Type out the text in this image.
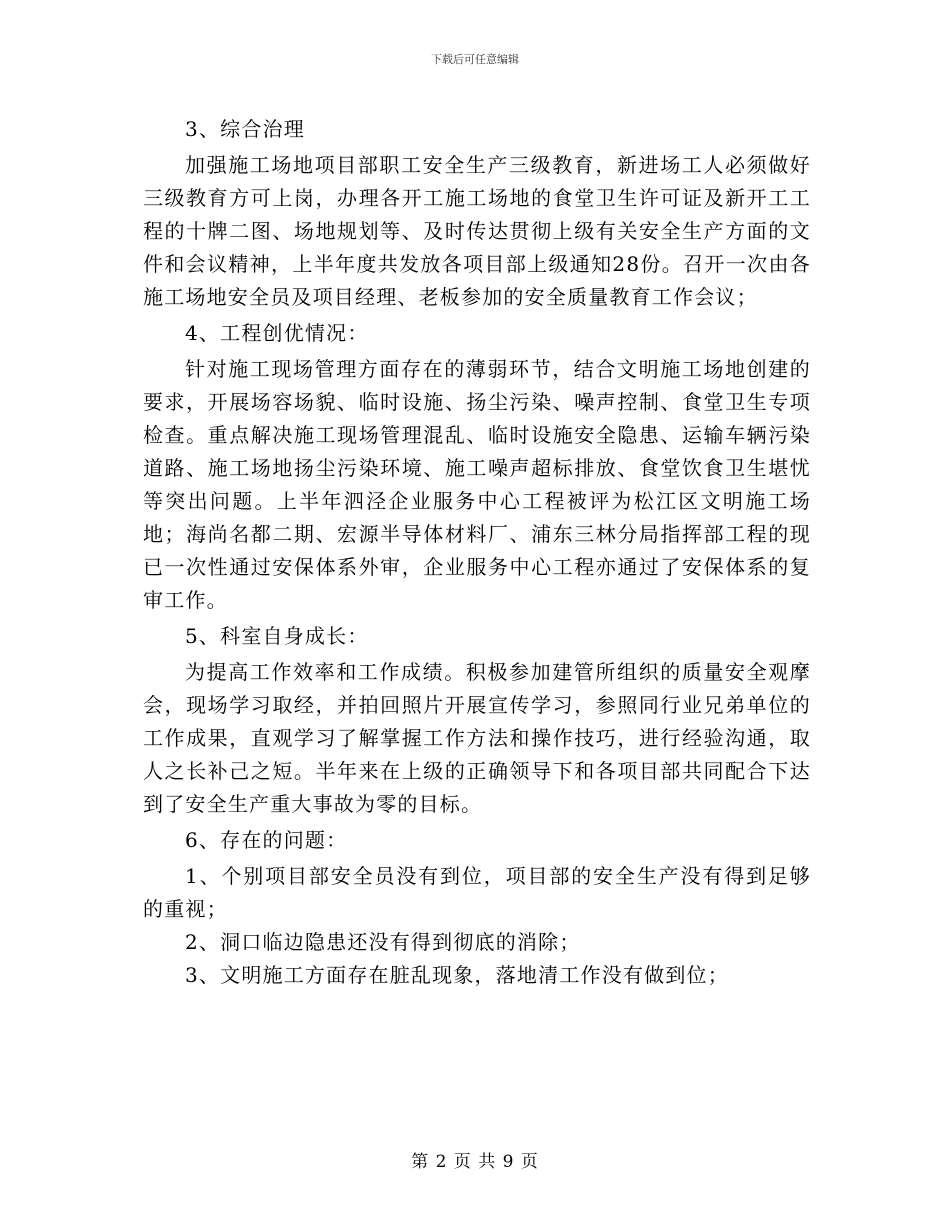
下载后可任意编辑

3、综合治理

加强施工场地项目部职工安全生产三级教育，新进场工人必须做好三级教育方可上岗，办理各开工施工场地的食堂卫生许可证及新开工工程的十牌二图、场地规划等、及时传达贯彻上级有关安全生产方面的文件和会议精神，上半年度共发放各项目部上级通知28份。召开一次由各施工场地安全员及项目经理、老板参加的安全质量教育工作会议；

4、工程创优情况：

针对施工现场管理方面存在的薄弱环节，结合文明施工场地创建的要求，开展场容场貌、临时设施、扬尘污染、噪声控制、食堂卫生专项检查。重点解决施工现场管理混乱、临时设施安全隐患、运输车辆污染道路、施工场地扬尘污染环境、施工噪声超标排放、食堂饮食卫生堪忧等突出问题。上半年泗泾企业服务中心工程被评为松江区文明施工场地；海尚名都二期、宏源半导体材料厂、浦东三林分局指挥部工程的现已一次性通过安保体系外审，企业服务中心工程亦通过了安保体系的复审工作。

5、科室自身成长：

为提高工作效率和工作成绩。积极参加建管所组织的质量安全观摩会，现场学习取经，并拍回照片开展宣传学习，参照同行业兄弟单位的工作成果，直观学习了解掌握工作方法和操作技巧，进行经验沟通，取人之长补己之短。半年来在上级的正确领导下和各项目部共同配合下达到了安全生产重大事故为零的目标。

6、存在的问题：

1、个别项目部安全员没有到位，项目部的安全生产没有得到足够的重视；

2、洞口临边隐患还没有得到彻底的消除；

3、文明施工方面存在脏乱现象，落地清工作没有做到位；

第 2 页 共 9 页
